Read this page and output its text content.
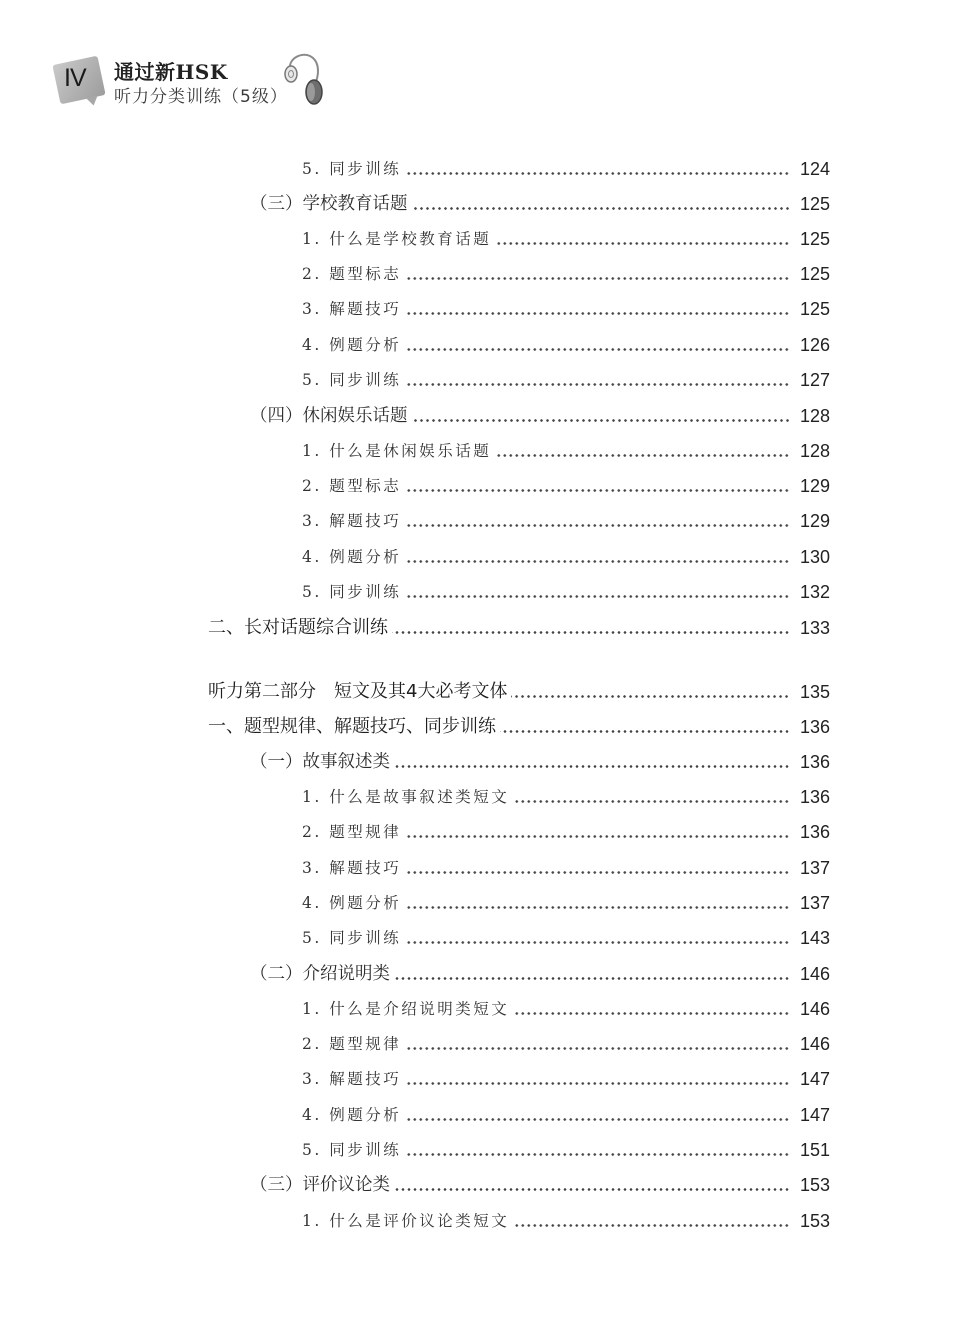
IV 通过新HSK
听力分类训练（5级）
5. 同步训练	124
（三）学校教育话题	125
1. 什么是学校教育话题	125
2. 题型标志	125
3. 解题技巧	125
4. 例题分析	126
5. 同步训练	127
（四）休闲娱乐话题	128
1. 什么是休闲娱乐话题	128
2. 题型标志	129
3. 解题技巧	129
4. 例题分析	130
5. 同步训练	132
二、长对话题综合训练	133
听力第二部分　短文及其4大必考文体	135
一、题型规律、解题技巧、同步训练	136
（一）故事叙述类	136
1. 什么是故事叙述类短文	136
2. 题型规律	136
3. 解题技巧	137
4. 例题分析	137
5. 同步训练	143
（二）介绍说明类	146
1. 什么是介绍说明类短文	146
2. 题型规律	146
3. 解题技巧	147
4. 例题分析	147
5. 同步训练	151
（三）评价议论类	153
1. 什么是评价议论类短文	153
